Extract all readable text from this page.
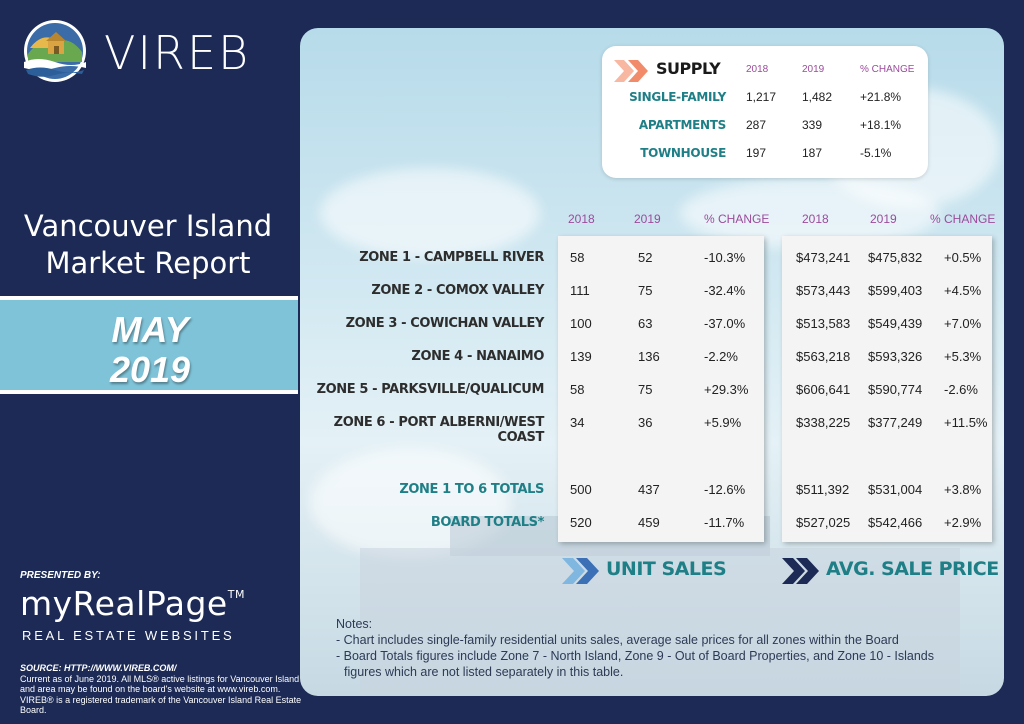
VIREB
Vancouver Island
Market Report
MAY
2019
PRESENTED BY:
myRealPage™
REAL ESTATE WEBSITES
SOURCE: HTTP://WWW.VIREB.COM/
Current as of June 2019. All MLS® active listings for Vancouver Island
and area may be found on the board's website at www.vireb.com.
VIREB® is a registered trademark of the Vancouver Island Real Estate Board.
SUPPLY	2018	2019	% CHANGE
SINGLE-FAMILY 1,217 1,482 +21.8%
APARTMENTS 287	339	+18.1%
TOWNHOUSE 197	187	-5.1%
2018	2019	% CHANGE	2018	2019	% CHANGE
ZONE 1 - CAMPBELL RIVER 58	52	-10.3%	$473,241 $475,832 +0.5%
ZONE 2 - COMOX VALLEY 111	75	-32.4%	$573,443 $599,403 +4.5%
ZONE 3 - COWICHAN VALLEY 100	63	-37.0%	$513,583 $549,439 +7.0%
ZONE 4 - NANAIMO 139	136	-2.2%	$563,218 $593,326 +5.3%
ZONE 5 - PARKSVILLE/QUALICUM 58	75	+29.3%	$606,641 $590,774 -2.6%
ZONE 6 - PORT ALBERNI/WEST COAST
34	36	+5.9%	$338,225 $377,249 +11.5%
ZONE 1 TO 6 TOTALS 500	437	-12.6%	$511,392 $531,004 +3.8%
BOARD TOTALS* 520	459	-11.7%	$527,025 $542,466 +2.9%
UNIT SALES	AVG. SALE PRICE
Notes:
- Chart includes single-family residential units sales, average sale prices for all zones within the Board
- Board Totals figures include Zone 7 - North Island, Zone 9 - Out of Board Properties, and Zone 10 - Islands
figures which are not listed separately in this table.
